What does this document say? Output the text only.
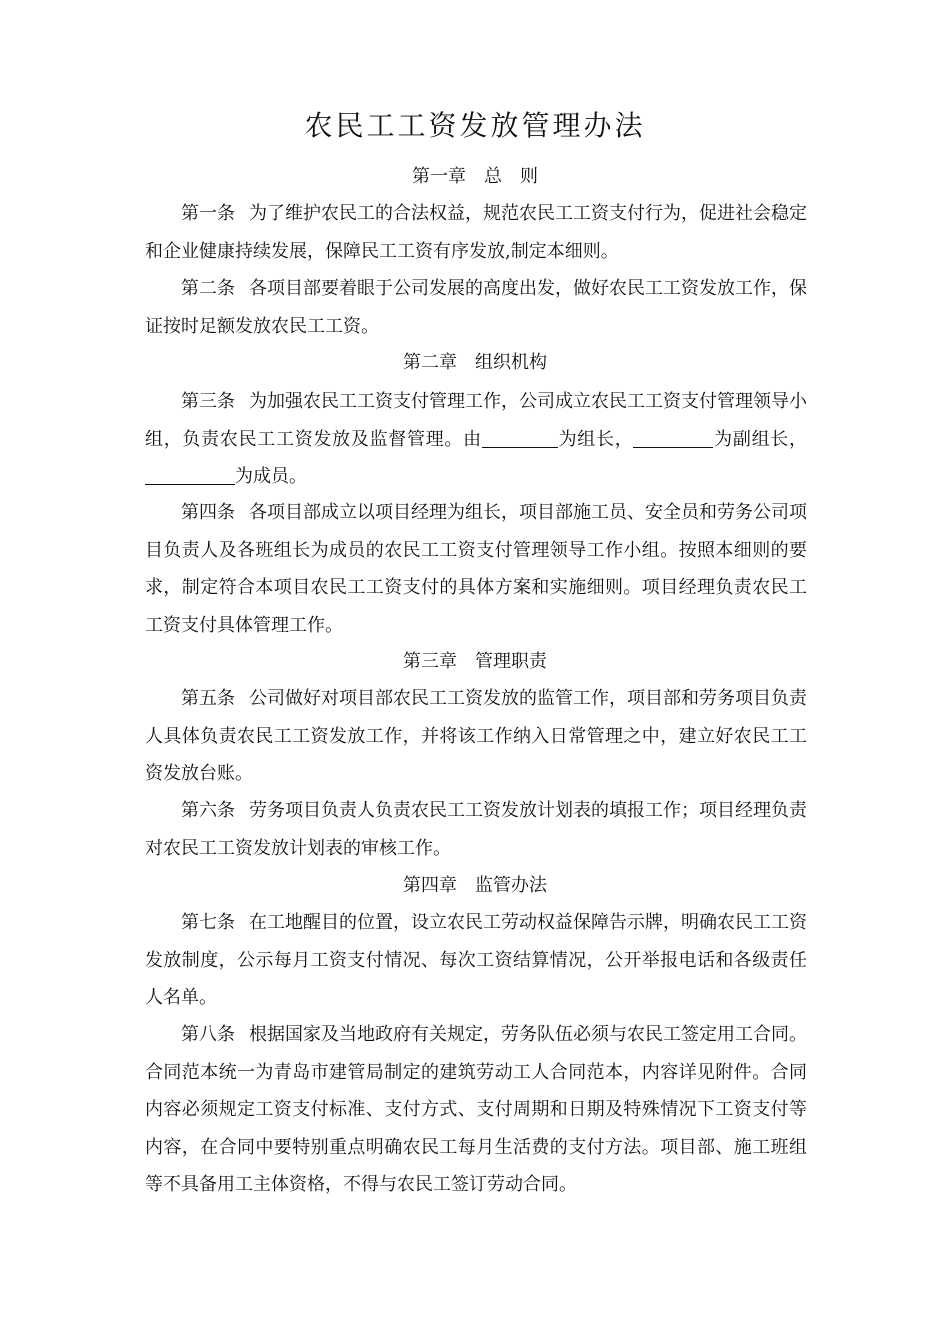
农民工工资发放管理办法
第一章　总　则

第一条 为了维护农民工的合法权益，规范农民工工资支付行为，促进社会稳定和企业健康持续发展，保障民工工资有序发放,制定本细则。

第二条 各项目部要着眼于公司发展的高度出发，做好农民工工资发放工作，保证按时足额发放农民工工资。

第二章　组织机构

第三条 为加强农民工工资支付管理工作，公司成立农民工工资支付管理领导小组，负责农民工工资发放及监督管理。由	为组长，	为副组长，为成员。

第四条 各项目部成立以项目经理为组长，项目部施工员、安全员和劳务公司项目负责人及各班组长为成员的农民工工资支付管理领导工作小组。按照本细则的要求，制定符合本项目农民工工资支付的具体方案和实施细则。项目经理负责农民工工资支付具体管理工作。

第三章　管理职责

第五条 公司做好对项目部农民工工资发放的监管工作，项目部和劳务项目负责人具体负责农民工工资发放工作，并将该工作纳入日常管理之中，建立好农民工工资发放台账。

第六条 劳务项目负责人负责农民工工资发放计划表的填报工作；项目经理负责对农民工工资发放计划表的审核工作。

第四章　监管办法

第七条 在工地醒目的位置，设立农民工劳动权益保障告示牌，明确农民工工资发放制度，公示每月工资支付情况、每次工资结算情况，公开举报电话和各级责任人名单。

第八条 根据国家及当地政府有关规定，劳务队伍必须与农民工签定用工合同。合同范本统一为青岛市建管局制定的建筑劳动工人合同范本，内容详见附件。合同内容必须规定工资支付标准、支付方式、支付周期和日期及特殊情况下工资支付等内容，在合同中要特别重点明确农民工每月生活费的支付方法。项目部、施工班组等不具备用工主体资格，不得与农民工签订劳动合同。
